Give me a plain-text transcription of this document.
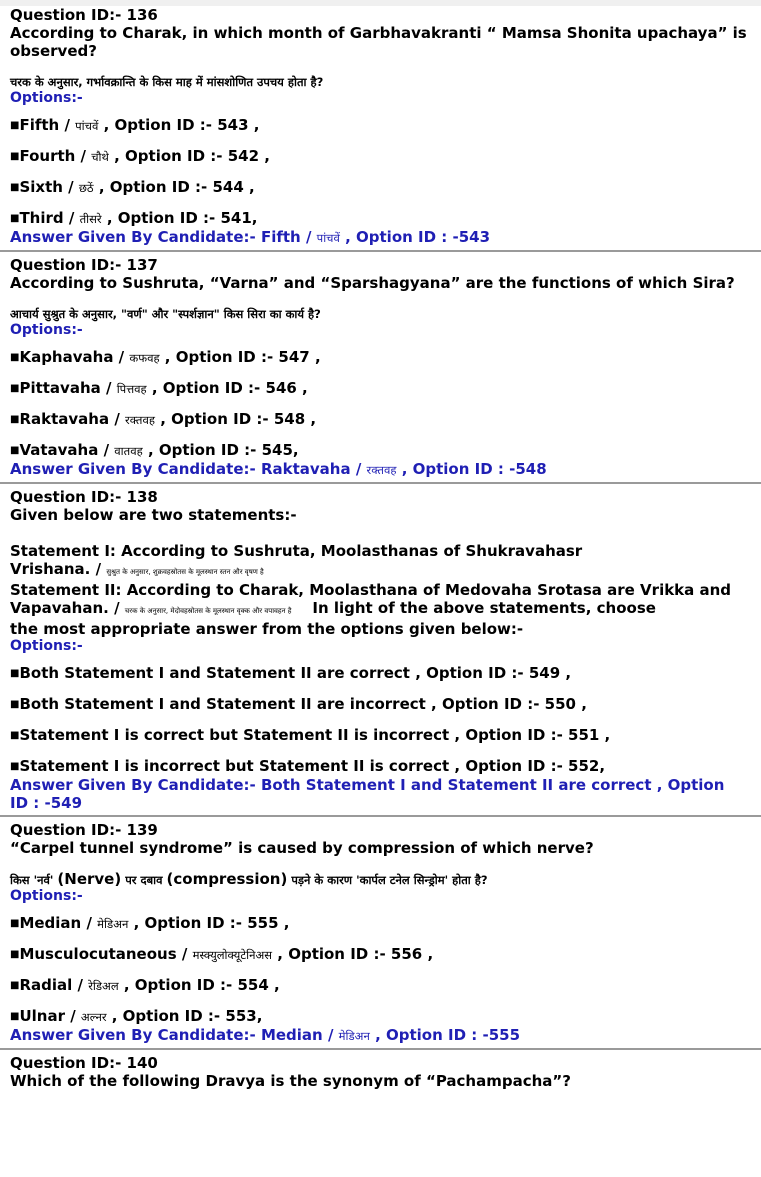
Question ID:- 136

According to Charak, in which month of Garbhavakranti “ Mamsa Shonita upachaya” is observed?

चरक के अनुसार, गर्भावक्रान्ति के किस माह में मांसशोणित उपचय होता है?

Options:-

■Fifth / पांचवें , Option ID :- 543 ,

■Fourth / चौथे , Option ID :- 542 ,

■Sixth / छठें , Option ID :- 544 ,

■Third / तीसरे , Option ID :- 541,

Answer Given By Candidate:- Fifth / पांचवें , Option ID : -543

Question ID:- 137

According to Sushruta, “Varna” and “Sparshagyana” are the functions of which Sira?

आचार्य सुश्रुत के अनुसार, "वर्ण" और "स्पर्शज्ञान" किस सिरा का कार्य है?

Options:-

■Kaphavaha / कफवह , Option ID :- 547 ,

■Pittavaha / पित्तवह , Option ID :- 546 ,

■Raktavaha / रक्तवह , Option ID :- 548 ,

■Vatavaha / वातवह , Option ID :- 545,

Answer Given By Candidate:- Raktavaha / रक्तवह , Option ID : -548

Question ID:- 138

Given below are two statements:-

Statement I: According to Sushruta, Moolasthanas of Shukravahasr
Vrishana. / सुश्रुत के अनुसार, शुक्रवहस्रोतस के मूलस्थान स्तन और वृषण है

Statement II: According to Charak, Moolasthana of Medovaha Srotasa are Vrikka and
Vapavahan. / चरक के अनुसार, मेदोवहस्रोतस के मूलस्थान वृक्क और वपावहन है In light of the above statements, choose
the most appropriate answer from the options given below:-

Options:-

■Both Statement I and Statement II are correct , Option ID :- 549 ,

■Both Statement I and Statement II are incorrect , Option ID :- 550 ,

■Statement I is correct but Statement II is incorrect , Option ID :- 551 ,

■Statement I is incorrect but Statement II is correct , Option ID :- 552,

Answer Given By Candidate:- Both Statement I and Statement II are correct , Option
ID : -549

Question ID:- 139

“Carpel tunnel syndrome” is caused by compression of which nerve?

किस 'नर्व' (Nerve) पर दबाव (compression) पड़ने के कारण 'कार्पल टनेल सिन्ड्रोम' होता है?

Options:-

■Median / मेडिअन , Option ID :- 555 ,

■Musculocutaneous / मस्क्युलोक्यूटेनिअस , Option ID :- 556 ,

■Radial / रेडिअल , Option ID :- 554 ,

■Ulnar / अल्नर , Option ID :- 553,

Answer Given By Candidate:- Median / मेडिअन , Option ID : -555

Question ID:- 140

Which of the following Dravya is the synonym of “Pachampacha”?
